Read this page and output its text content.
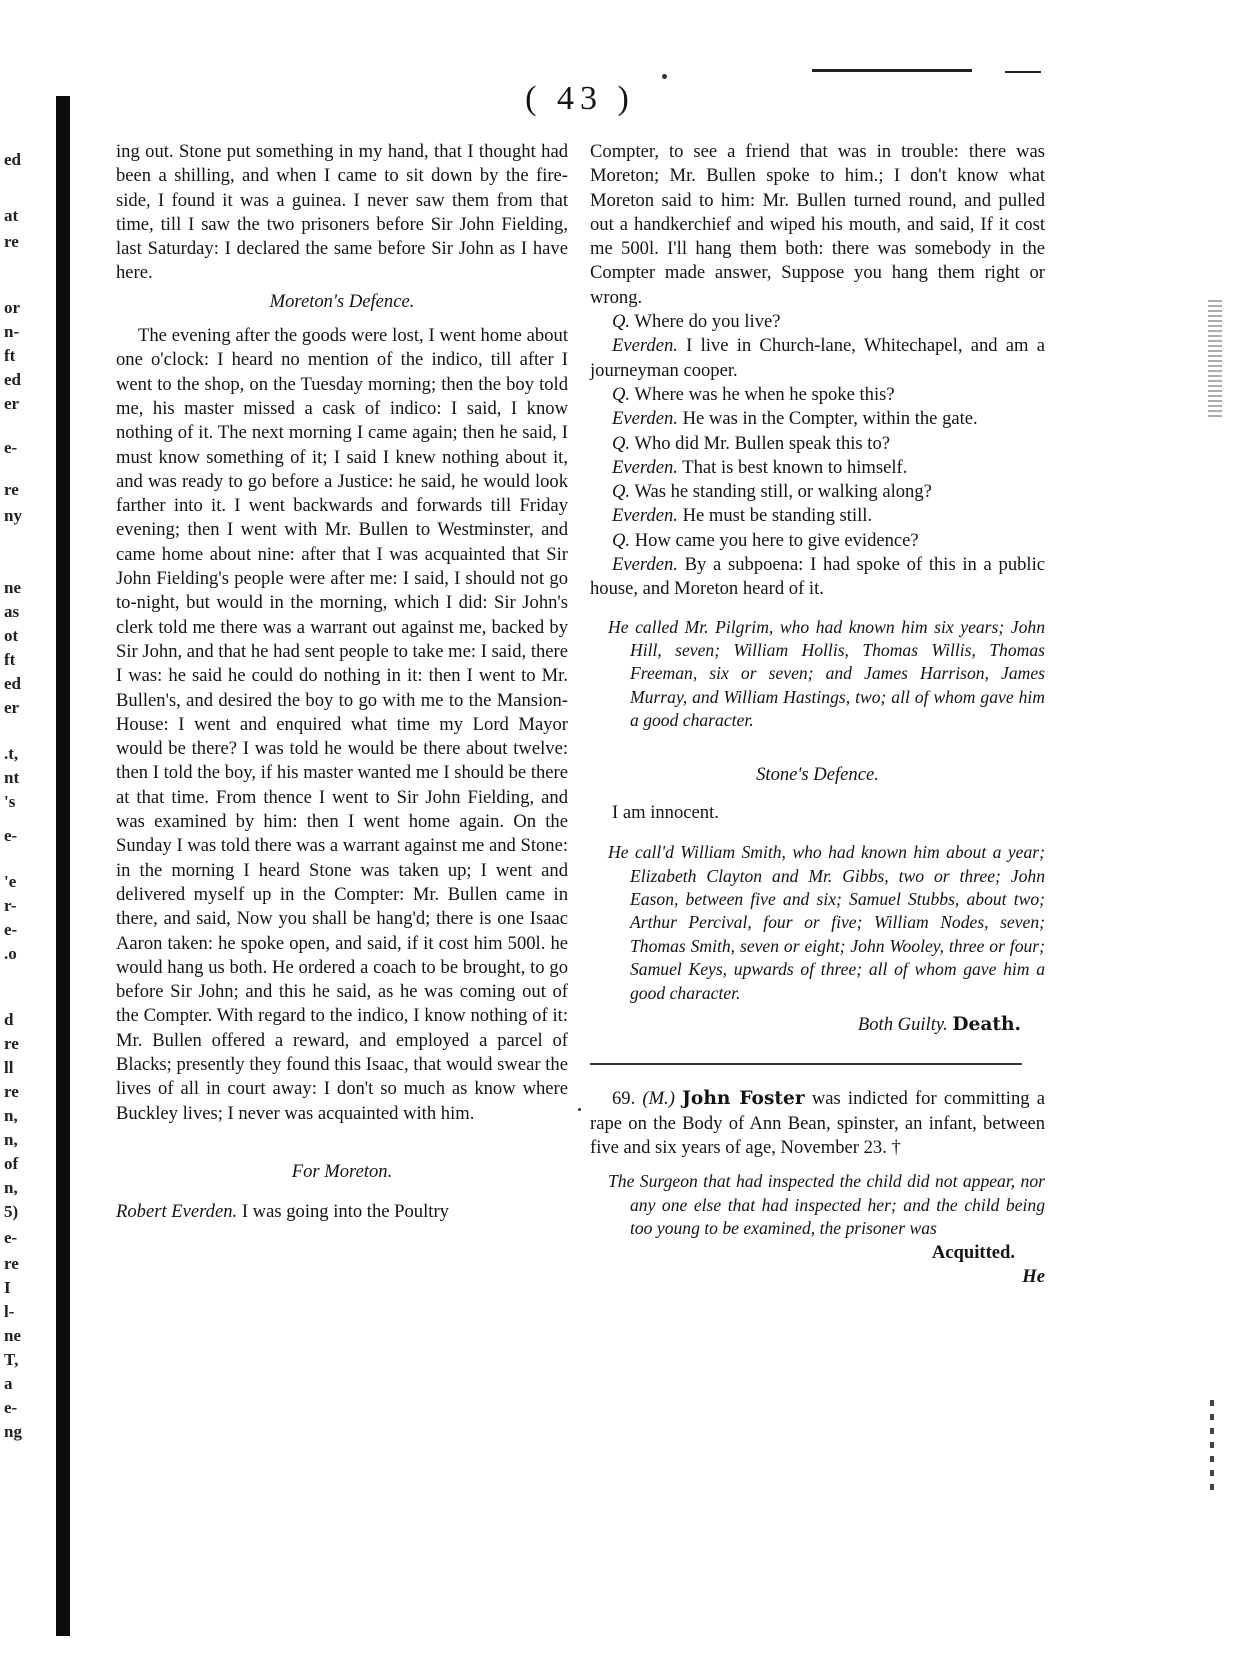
ed
at
re
or
n-
ft
ed
er
e-
re
ny
ne
as
ot
ft
ed
er
.t,
nt
's
e-
'e
r-
e-
.o
d
re
ll
re
n,
n,
of
n,
5)
e-
re
I
l-
ne
T,
a
e-
ng
( 43 )

ing out. Stone put something in my hand, that I thought had been a shilling, and when I came to sit down by the fire-side, I found it was a guinea. I never saw them from that time, till I saw the two prisoners before Sir John Fielding, last Saturday: I declared the same before Sir John as I have here.

Moreton's Defence.

The evening after the goods were lost, I went home about one o'clock: I heard no mention of the indico, till after I went to the shop, on the Tuesday morning; then the boy told me, his master missed a cask of indico: I said, I know nothing of it. The next morning I came again; then he said, I must know something of it; I said I knew nothing about it, and was ready to go before a Justice: he said, he would look farther into it. I went backwards and forwards till Friday evening; then I went with Mr. Bullen to Westminster, and came home about nine: after that I was acquainted that Sir John Fielding's people were after me: I said, I should not go to-night, but would in the morning, which I did: Sir John's clerk told me there was a warrant out against me, backed by Sir John, and that he had sent people to take me: I said, there I was: he said he could do nothing in it: then I went to Mr. Bullen's, and desired the boy to go with me to the Mansion-House: I went and enquired what time my Lord Mayor would be there? I was told he would be there about twelve: then I told the boy, if his master wanted me I should be there at that time. From thence I went to Sir John Fielding, and was examined by him: then I went home again. On the Sunday I was told there was a warrant against me and Stone: in the morning I heard Stone was taken up; I went and delivered myself up in the Compter: Mr. Bullen came in there, and said, Now you shall be hang'd; there is one Isaac Aaron taken: he spoke open, and said, if it cost him 500l. he would hang us both. He ordered a coach to be brought, to go before Sir John; and this he said, as he was coming out of the Compter. With regard to the indico, I know nothing of it: Mr. Bullen offered a reward, and employed a parcel of Blacks; presently they found this Isaac, that would swear the lives of all in court away: I don't so much as know where Buckley lives; I never was acquainted with him.

For Moreton.

Robert Everden. I was going into the Poultry

Compter, to see a friend that was in trouble: there was Moreton; Mr. Bullen spoke to him.; I don't know what Moreton said to him: Mr. Bullen turned round, and pulled out a handkerchief and wiped his mouth, and said, If it cost me 500l. I'll hang them both: there was somebody in the Compter made answer, Suppose you hang them right or wrong.

Q. Where do you live?

Everden. I live in Church-lane, Whitechapel, and am a journeyman cooper.

Q. Where was he when he spoke this?

Everden. He was in the Compter, within the gate.

Q. Who did Mr. Bullen speak this to?

Everden. That is best known to himself.

Q. Was he standing still, or walking along?

Everden. He must be standing still.

Q. How came you here to give evidence?

Everden. By a subpoena: I had spoke of this in a public house, and Moreton heard of it.

He called Mr. Pilgrim, who had known him six years; John Hill, seven; William Hollis, Thomas Willis, Thomas Freeman, six or seven; and James Harrison, James Murray, and William Hastings, two; all of whom gave him a good character.

Stone's Defence.

I am innocent.

He call'd William Smith, who had known him about a year; Elizabeth Clayton and Mr. Gibbs, two or three; John Eason, between five and six; Samuel Stubbs, about two; Arthur Percival, four or five; William Nodes, seven; Thomas Smith, seven or eight; John Wooley, three or four; Samuel Keys, upwards of three; all of whom gave him a good character.

Both Guilty. Death.

69. (M.) John Foster was indicted for committing a rape on the Body of Ann Bean, spinster, an infant, between five and six years of age, November 23. †

The Surgeon that had inspected the child did not appear, nor any one else that had inspected her; and the child being too young to be examined, the prisoner was

Acquitted.

He
